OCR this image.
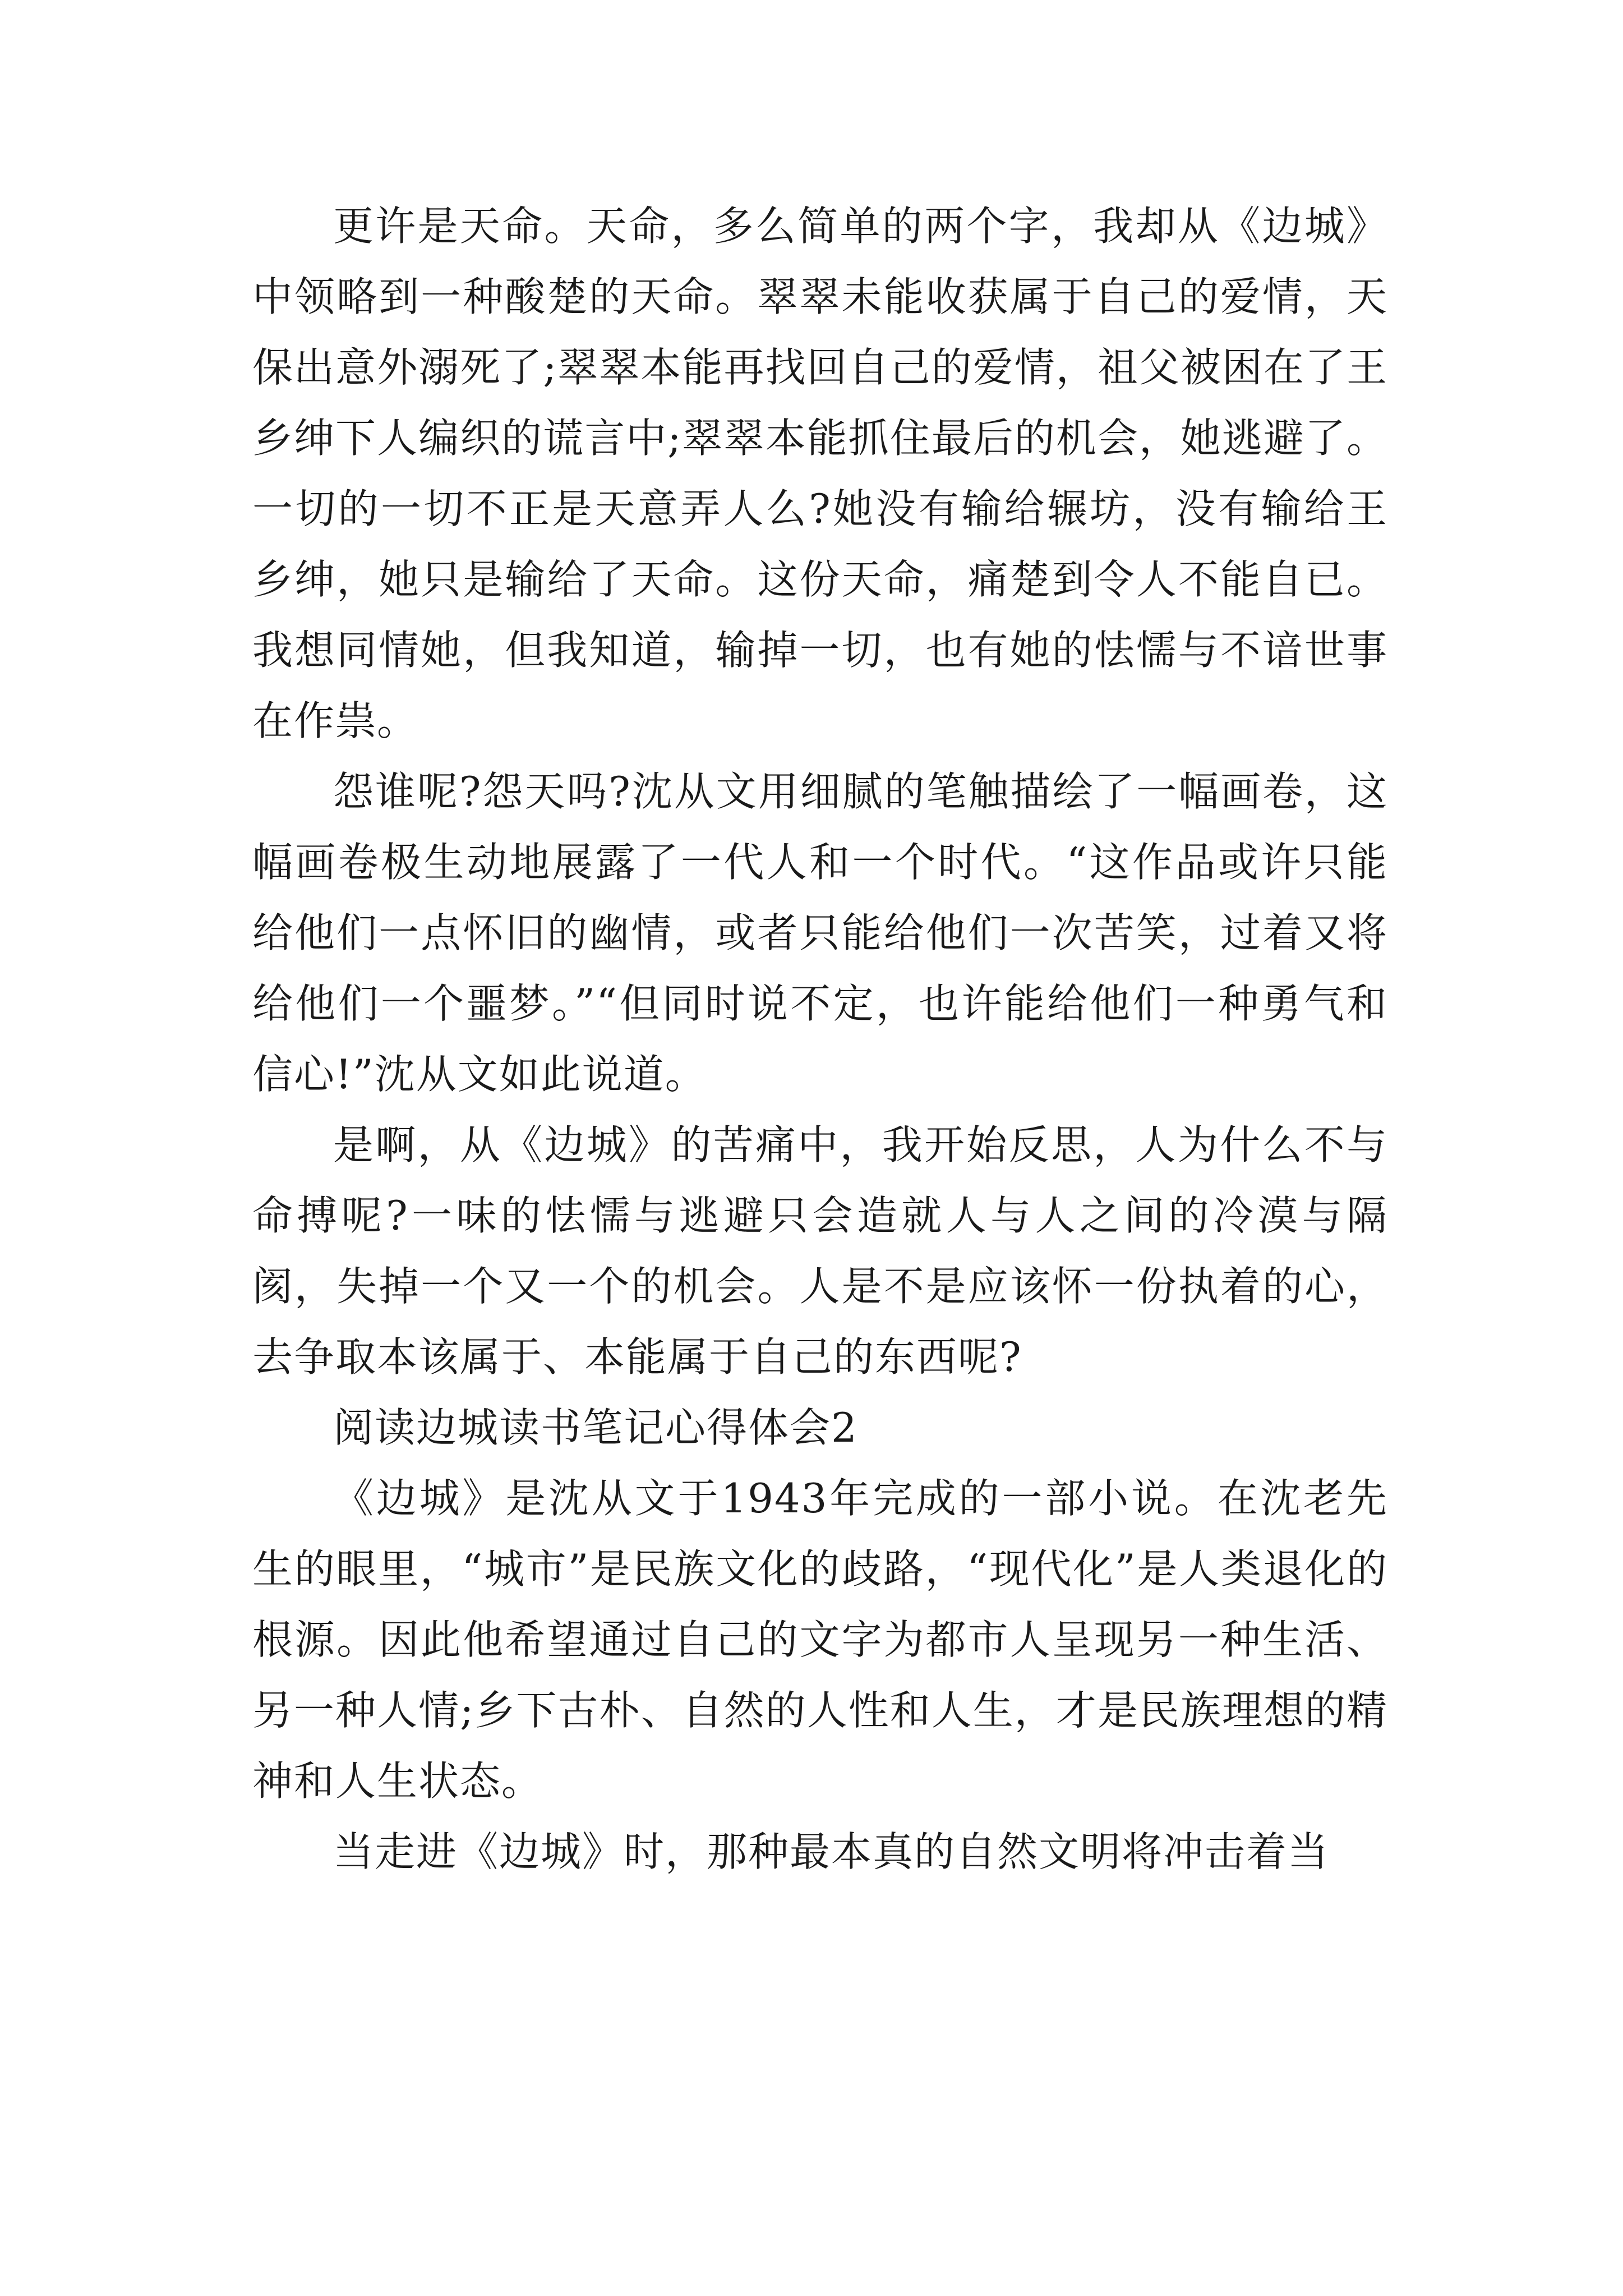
更许是天命。天命，多么简单的两个字，我却从《边城》中领略到一种酸楚的天命。翠翠未能收获属于自己的爱情，天保出意外溺死了;翠翠本能再找回自己的爱情，祖父被困在了王乡绅下人编织的谎言中;翠翠本能抓住最后的机会，她逃避了。一切的一切不正是天意弄人么?她没有输给辗坊，没有输给王乡绅，她只是输给了天命。这份天命，痛楚到令人不能自已。我想同情她，但我知道，输掉一切，也有她的怯懦与不谙世事在作祟。

怨谁呢?怨天吗?沈从文用细腻的笔触描绘了一幅画卷，这幅画卷极生动地展露了一代人和一个时代。“这作品或许只能给他们一点怀旧的幽情，或者只能给他们一次苦笑，过着又将给他们一个噩梦。”“但同时说不定，也许能给他们一种勇气和信心!”沈从文如此说道。

是啊，从《边城》的苦痛中，我开始反思，人为什么不与命搏呢?一味的怯懦与逃避只会造就人与人之间的冷漠与隔阂，失掉一个又一个的机会。人是不是应该怀一份执着的心，去争取本该属于、本能属于自己的东西呢?

阅读边城读书笔记心得体会2

《边城》是沈从文于1943年完成的一部小说。在沈老先生的眼里，“城市”是民族文化的歧路，“现代化”是人类退化的根源。因此他希望通过自己的文字为都市人呈现另一种生活、另一种人情;乡下古朴、自然的人性和人生，才是民族理想的精神和人生状态。

当走进《边城》时，那种最本真的自然文明将冲击着当
